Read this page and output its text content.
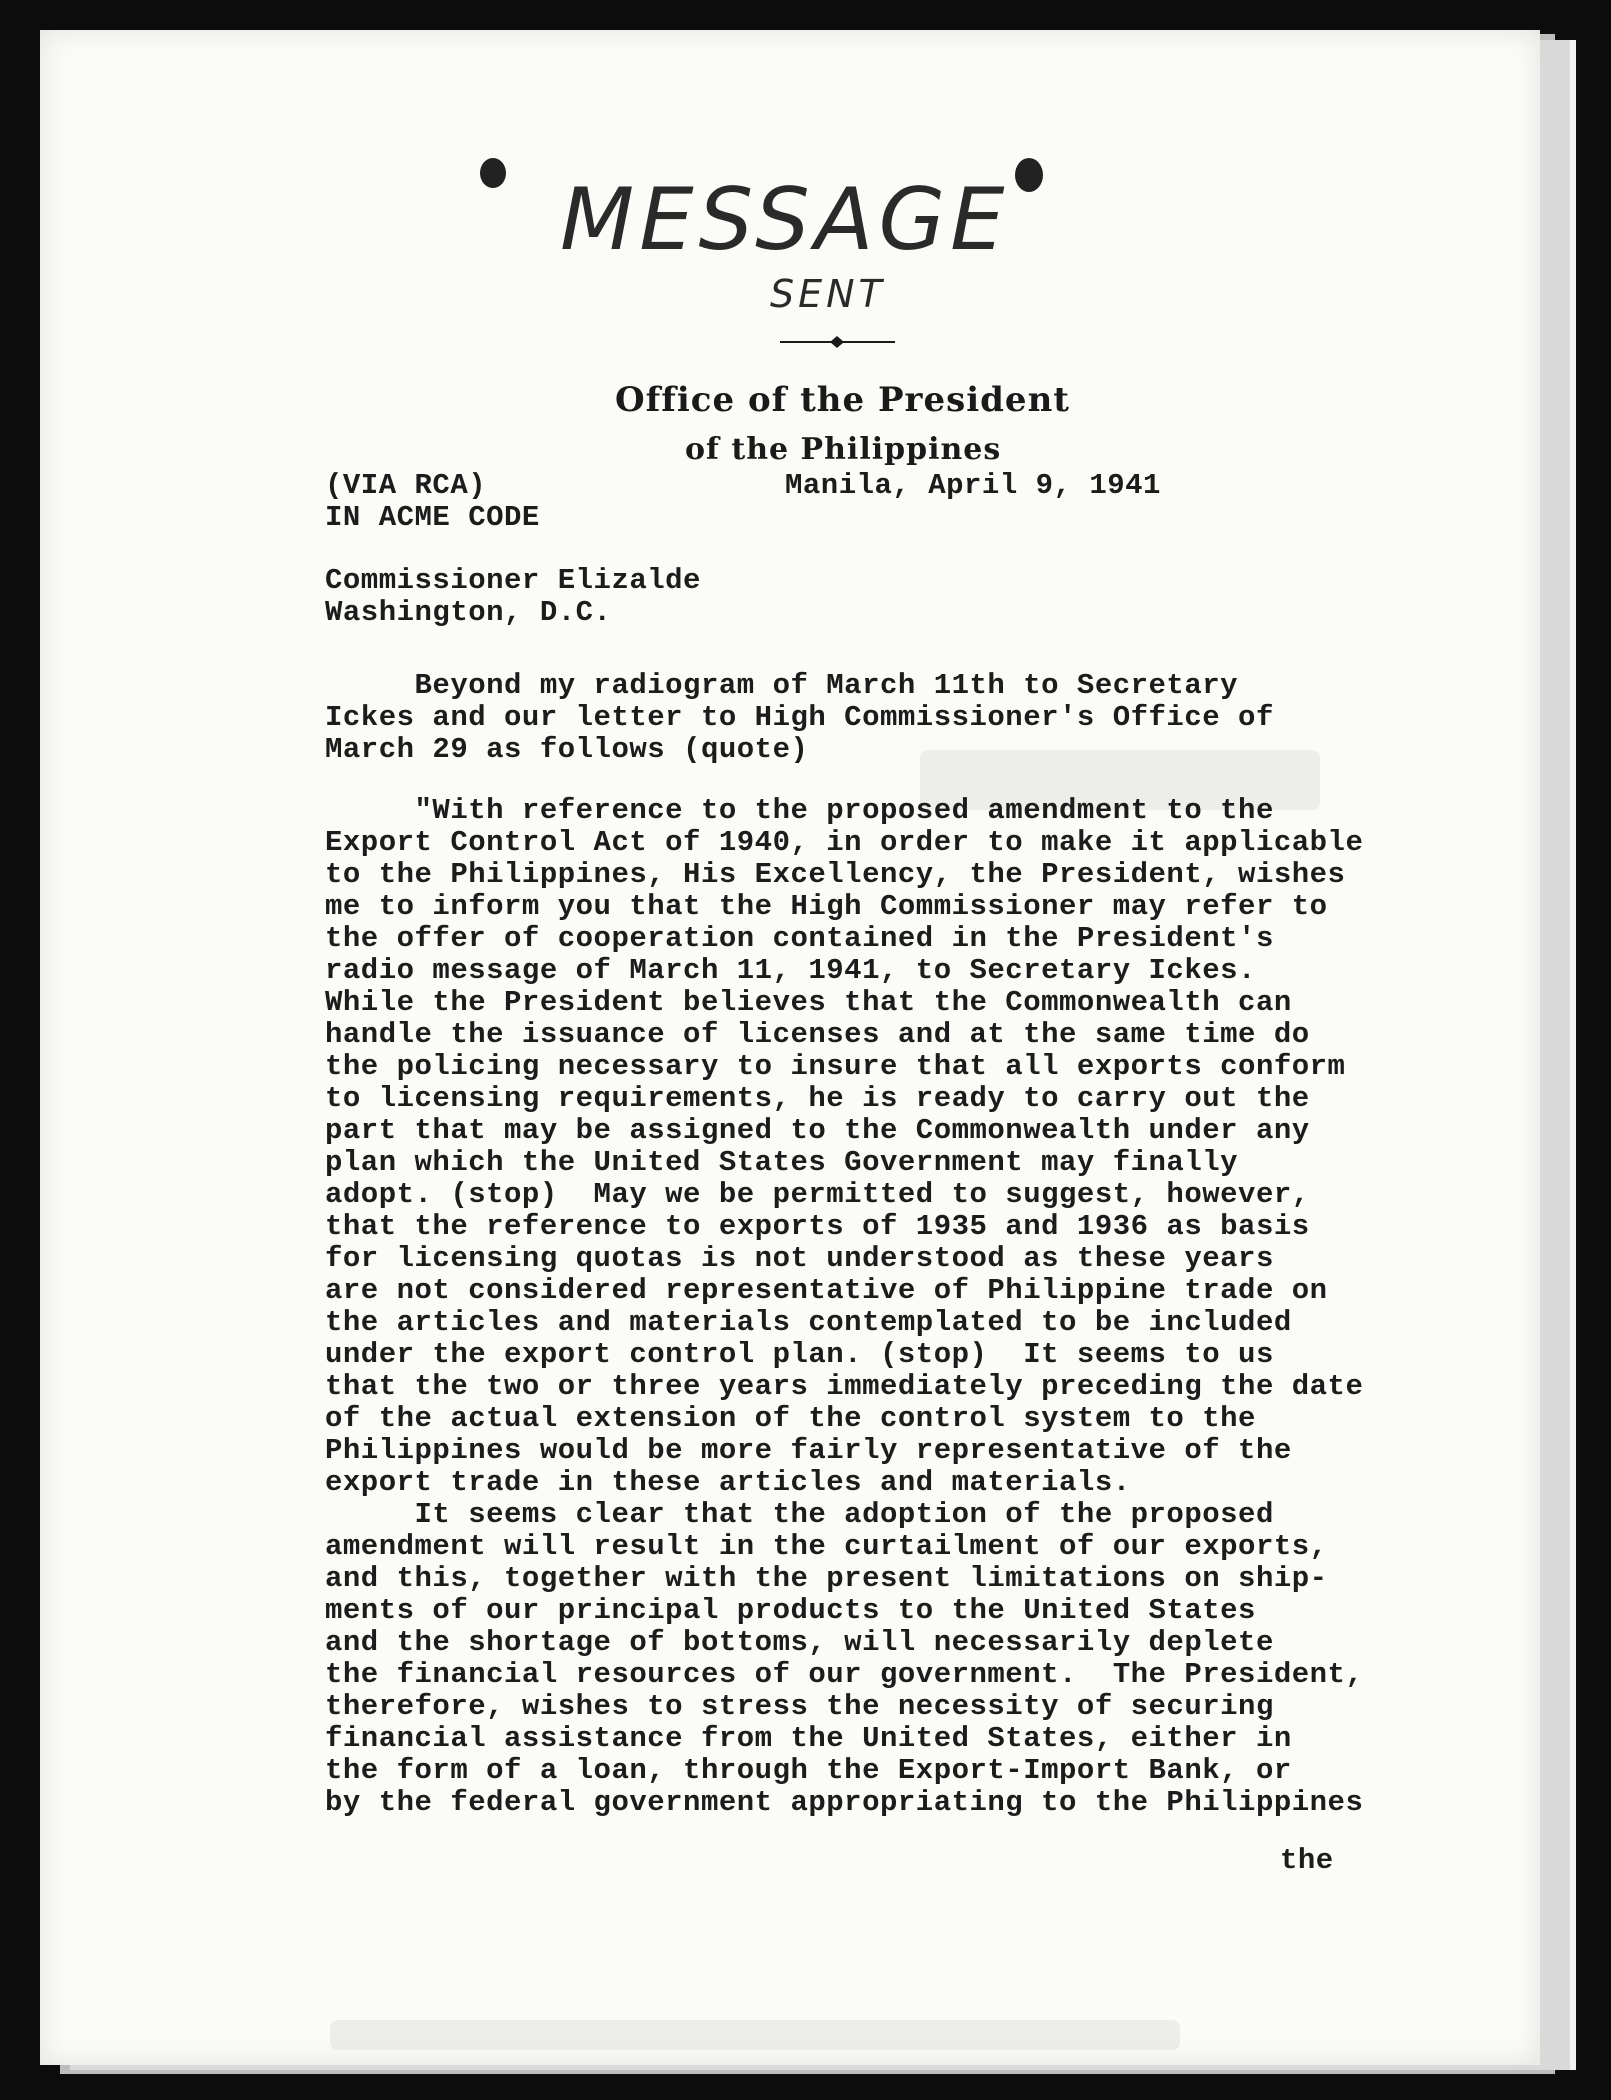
MESSAGE
SENT
Office of the President
of the Philippines
(VIA RCA)	Manila, April 9, 1941
IN ACME CODE
Commissioner Elizalde
Washington, D.C.
Beyond my radiogram of March 11th to Secretary
Ickes and our letter to High Commissioner's Office of
March 29 as follows (quote)
"With reference to the proposed amendment to the
Export Control Act of 1940, in order to make it applicable
to the Philippines, His Excellency, the President, wishes
me to inform you that the High Commissioner may refer to
the offer of cooperation contained in the President's
radio message of March 11, 1941, to Secretary Ickes.
While the President believes that the Commonwealth can
handle the issuance of licenses and at the same time do
the policing necessary to insure that all exports conform
to licensing requirements, he is ready to carry out the
part that may be assigned to the Commonwealth under any
plan which the United States Government may finally
adopt. (stop)  May we be permitted to suggest, however,
that the reference to exports of 1935 and 1936 as basis
for licensing quotas is not understood as these years
are not considered representative of Philippine trade on
the articles and materials contemplated to be included
under the export control plan. (stop)  It seems to us
that the two or three years immediately preceding the date
of the actual extension of the control system to the
Philippines would be more fairly representative of the
export trade in these articles and materials.
It seems clear that the adoption of the proposed
amendment will result in the curtailment of our exports,
and this, together with the present limitations on ship-
ments of our principal products to the United States
and the shortage of bottoms, will necessarily deplete
the financial resources of our government.  The President,
therefore, wishes to stress the necessity of securing
financial assistance from the United States, either in
the form of a loan, through the Export-Import Bank, or
by the federal government appropriating to the Philippines
the
